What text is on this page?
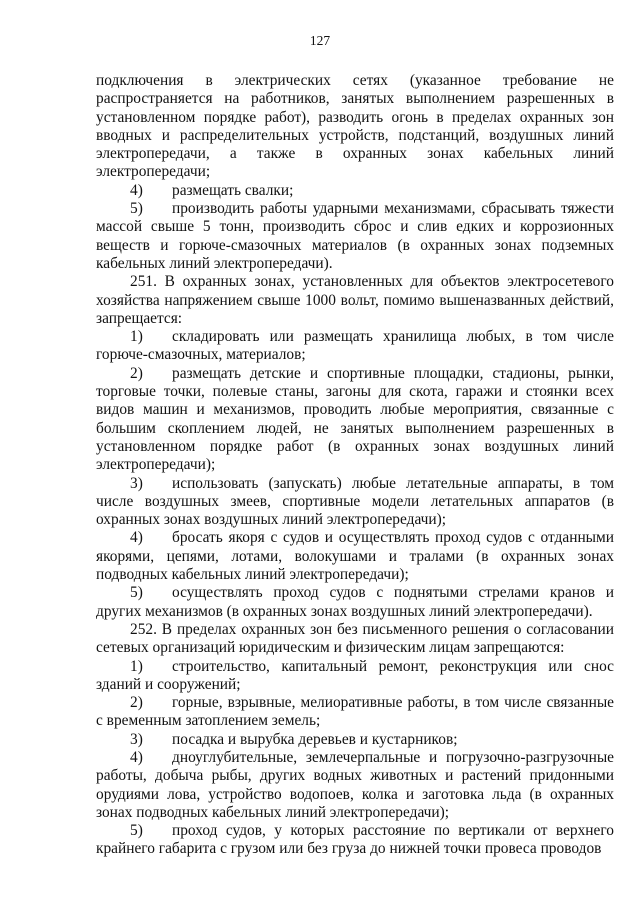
127

подключения в электрических сетях (указанное требование не распространяется на работников, занятых выполнением разрешенных в установленном порядке работ), разводить огонь в пределах охранных зон вводных и распределительных устройств, подстанций, воздушных линий электропередачи, а также в охранных зонах кабельных линий электропередачи;

4) размещать свалки;

5) производить работы ударными механизмами, сбрасывать тяжести массой свыше 5 тонн, производить сброс и слив едких и коррозионных веществ и горюче-смазочных материалов (в охранных зонах подземных кабельных линий электропередачи).

251. В охранных зонах, установленных для объектов электросетевого хозяйства напряжением свыше 1000 вольт, помимо вышеназванных действий, запрещается:

1) складировать или размещать хранилища любых, в том числе горюче-смазочных, материалов;

2) размещать детские и спортивные площадки, стадионы, рынки, торговые точки, полевые станы, загоны для скота, гаражи и стоянки всех видов машин и механизмов, проводить любые мероприятия, связанные с большим скоплением людей, не занятых выполнением разрешенных в установленном порядке работ (в охранных зонах воздушных линий электропередачи);

3) использовать (запускать) любые летательные аппараты, в том числе воздушных змеев, спортивные модели летательных аппаратов (в охранных зонах воздушных линий электропередачи);

4) бросать якоря с судов и осуществлять проход судов с отданными якорями, цепями, лотами, волокушами и тралами (в охранных зонах подводных кабельных линий электропередачи);

5) осуществлять проход судов с поднятыми стрелами кранов и других механизмов (в охранных зонах воздушных линий электропередачи).

252. В пределах охранных зон без письменного решения о согласовании сетевых организаций юридическим и физическим лицам запрещаются:

1) строительство, капитальный ремонт, реконструкция или снос зданий и сооружений;

2) горные, взрывные, мелиоративные работы, в том числе связанные с временным затоплением земель;

3) посадка и вырубка деревьев и кустарников;

4) дноуглубительные, землечерпальные и погрузочно-разгрузочные работы, добыча рыбы, других водных животных и растений придонными орудиями лова, устройство водопоев, колка и заготовка льда (в охранных зонах подводных кабельных линий электропередачи);

5) проход судов, у которых расстояние по вертикали от верхнего крайнего габарита с грузом или без груза до нижней точки провеса проводов
